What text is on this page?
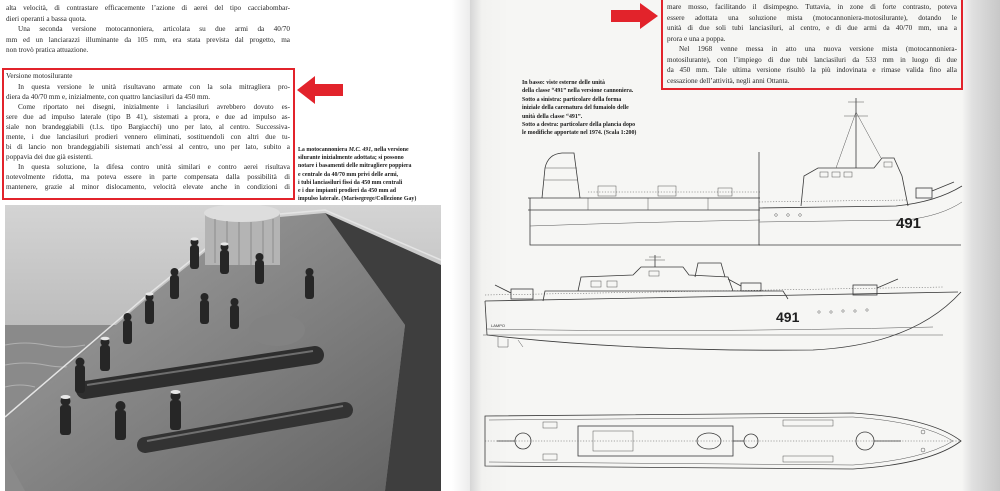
alta velocità, di contrastare efficacemente l’azione di aerei del tipo cacciabombar-
dieri operanti a bassa quota.
Una seconda versione motocannoniera, articolata su due armi da 40/70
mm ed un lanciarazzi illuminante da 105 mm, era stata prevista dal progetto, ma
non trovò pratica attuazione.
Versione motosilurante
In questa versione le unità risultavano armate con la sola mitragliera pro-
diera da 40/70 mm e, inizialmente, con quattro lanciasiluri da 450 mm.
Come riportato nei disegni, inizialmente i lanciasiluri avrebbero dovuto es-
sere due ad impulso laterale (tipo B 41), sistemati a prora, e due ad impulso as-
siale non brandeggiabili (t.l.s. tipo Bargiacchi) uno per lato, al centro. Successiva-
mente, i due lanciasiluri prodieri vennero eliminati, sostituendoli con altri due tu-
bi di lancio non brandeggiabili sistemati anch’essi al centro, uno per lato, subito a
poppavia dei due già esistenti.
In questa soluzione, la difesa contro unità similari e contro aerei risultava
notevolmente ridotta, ma poteva essere in parte compensata dalla possibilità di
mantenere, grazie al minor dislocamento, velocità elevate anche in condizioni di
La motocannoniera M.C. 491, nella versione
silurante inizialmente adottata; si possono
notare i basamenti delle mitragliere poppiera
e centrale da 40/70 mm privi delle armi,
i tubi lanciasiluri fissi da 450 mm centrali
e i due impianti prodieri da 450 mm ad
impulso laterale. (Marisegrege/Collezione Gay)
mare mosso, facilitando il disimpegno. Tuttavia, in zone di forte contrasto, poteva
essere adottata una soluzione mista (motocannoniera-motosilurante), dotando le
unità di due soli tubi lanciasiluri, al centro, e di due armi da 40/70 mm, una a
prora e una a poppa.
Nel 1968 venne messa in atto una nuova versione mista (motocannoniera-
motosilurante), con l’impiego di due tubi lanciasiluri da 533 mm in luogo di due
da 450 mm. Tale ultima versione risultò la più indovinata e rimase valida fino alla
cessazione dell’attività, negli anni Ottanta.
In basso: viste esterne delle unità
della classe “491” nella versione cannoniera.
Sotto a sinistra: particolare della forma
iniziale della carenatura del fumaiolo delle
unità della classe “491”.
Sotto a destra: particolare della plancia dopo
le modifiche apportate nel 1974. (Scala 1:200)
491
491
LAMPO
